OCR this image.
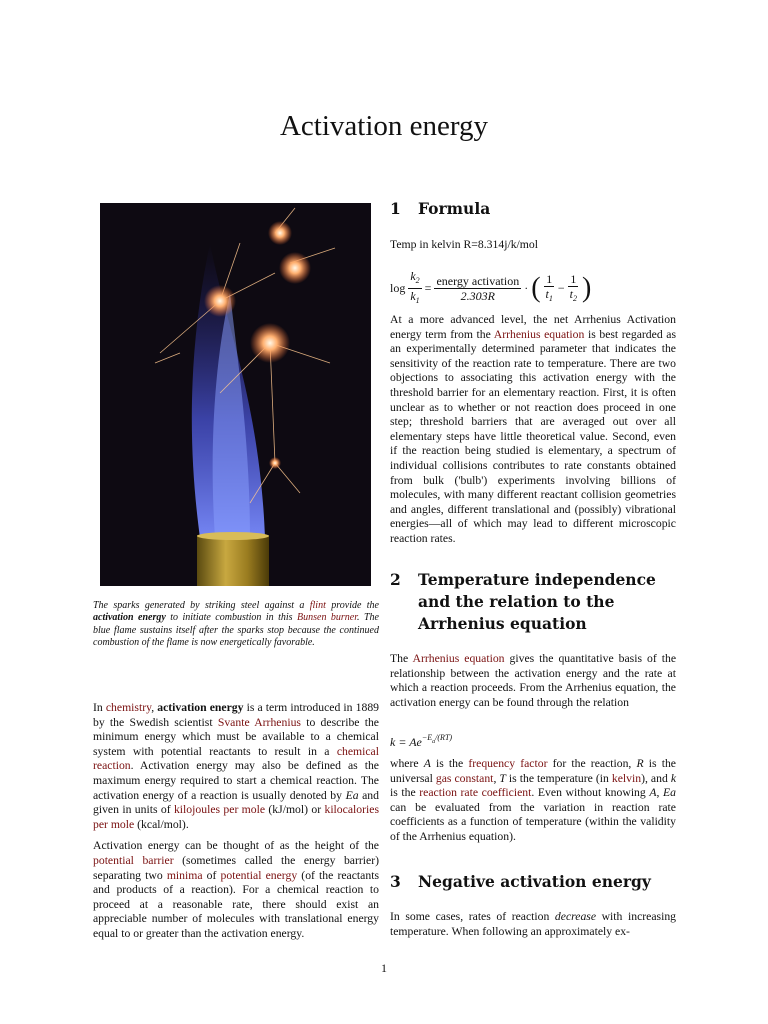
Activation energy
The sparks generated by striking steel against a flint provide the activation energy to initiate combustion in this Bunsen burner. The blue flame sustains itself after the sparks stop because the continued combustion of the flame is now energetically favorable.

In chemistry, activation energy is a term introduced in 1889 by the Swedish scientist Svante Arrhenius to describe the minimum energy which must be available to a chemical system with potential reactants to result in a chemical reaction. Activation energy may also be defined as the maximum energy required to start a chemical reaction. The activation energy of a reaction is usually denoted by Ea and given in units of kilojoules per mole (kJ/mol) or kilocalories per mole (kcal/mol).

Activation energy can be thought of as the height of the potential barrier (sometimes called the energy barrier) separating two minima of potential energy (of the reactants and products of a reaction). For a chemical reaction to proceed at a reasonable rate, there should exist an appreciable number of molecules with translational energy equal to or greater than the activation energy.

1 Formula

Temp in kelvin R=8.314j/k/mol

$\log \frac{k_2}{k_1} = \frac{\text{energy activation}}{2.303R}$ · ( $\frac{1}{t_1} - \frac{1}{t_2}$ )

At a more advanced level, the net Arrhenius Activation energy term from the Arrhenius equation is best regarded as an experimentally determined parameter that indicates the sensitivity of the reaction rate to temperature. There are two objections to associating this activation energy with the threshold barrier for an elementary reaction. First, it is often unclear as to whether or not reaction does proceed in one step; threshold barriers that are averaged out over all elementary steps have little theoretical value. Second, even if the reaction being studied is elementary, a spectrum of individual collisions contributes to rate constants obtained from bulk ('bulb') experiments involving billions of molecules, with many different reactant collision geometries and angles, different translational and (possibly) vibrational energies—all of which may lead to different microscopic reaction rates.

2 Temperature independence and the relation to the Arrhenius equation

The Arrhenius equation gives the quantitative basis of the relationship between the activation energy and the rate at which a reaction proceeds. From the Arrhenius equation, the activation energy can be found through the relation

$k = Ae^{-E_a/(RT)}$

where A is the frequency factor for the reaction, R is the universal gas constant, T is the temperature (in kelvin), and k is the reaction rate coefficient. Even without knowing A, Ea can be evaluated from the variation in reaction rate coefficients as a function of temperature (within the validity of the Arrhenius equation).

3 Negative activation energy

In some cases, rates of reaction decrease with increasing temperature. When following an approximately ex-

1
